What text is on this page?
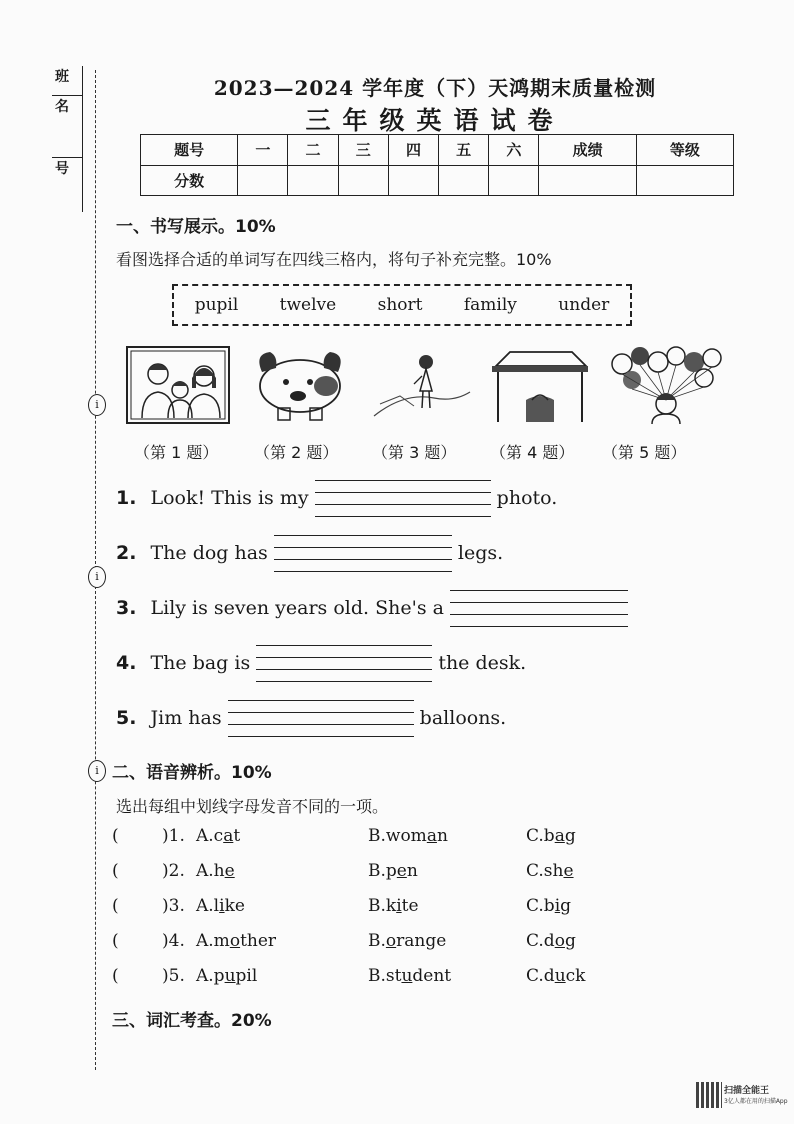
班
名
号
i
i
i
2023—2024 学年度（下）天鸿期末质量检测
三年级英语试卷
题号	一	二	三	四	五	六	成绩	等级
分数								
一、书写展示。10%
看图选择合适的单词写在四线三格内，将句子补充完整。10%
pupil twelve short family under
（第 1 题） （第 2 题） （第 3 题） （第 4 题） （第 5 题）
1. Look! This is my	photo.
2. The dog has	legs.
3. Lily is seven years old. She's a
4. The bag is	the desk.
5. Jim has	balloons.
二、语音辨析。10%
选出每组中划线字母发音不同的一项。
(	)1. A.cat	B.woman	C.bag
(	)2. A.he	B.pen	C.she
(	)3. A.like	B.kite	C.big
(	)4. A.mother	B.orange	C.dog
(	)5. A.pupil	B.student	C.duck
三、词汇考查。20%
扫描全能王
3亿人都在用的扫描App
